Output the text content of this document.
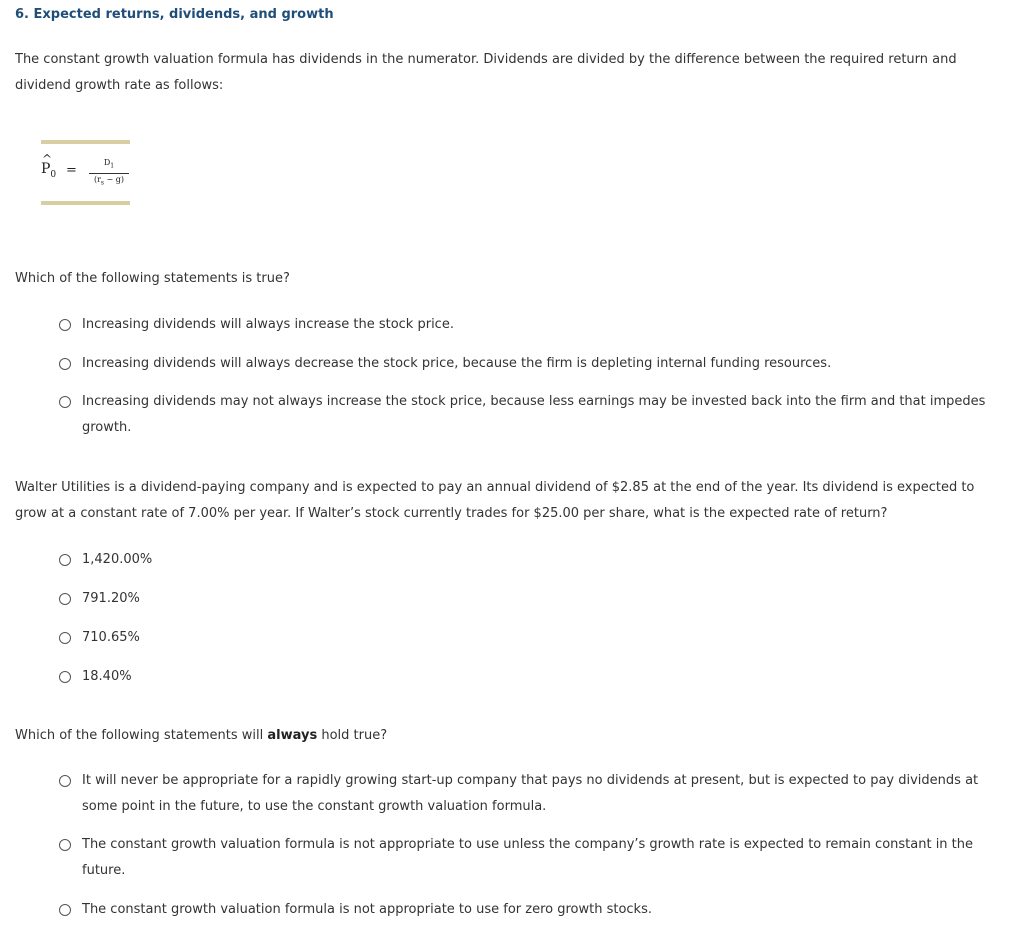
6. Expected returns, dividends, and growth

The constant growth valuation formula has dividends in the numerator. Dividends are divided by the difference between the required return and dividend growth rate as follows:

^
$P_0$ =
$D_1$
$(r_s - g)$

Which of the following statements is true?

Increasing dividends will always increase the stock price.
Increasing dividends will always decrease the stock price, because the firm is depleting internal funding resources.
Increasing dividends may not always increase the stock price, because less earnings may be invested back into the firm and that impedes growth.

Walter Utilities is a dividend-paying company and is expected to pay an annual dividend of $2.85 at the end of the year. Its dividend is expected to grow at a constant rate of 7.00% per year. If Walter’s stock currently trades for $25.00 per share, what is the expected rate of return?

1,420.00%
791.20%
710.65%
18.40%

Which of the following statements will always hold true?

It will never be appropriate for a rapidly growing start-up company that pays no dividends at present, but is expected to pay dividends at some point in the future, to use the constant growth valuation formula.
The constant growth valuation formula is not appropriate to use unless the company’s growth rate is expected to remain constant in the future.
The constant growth valuation formula is not appropriate to use for zero growth stocks.
